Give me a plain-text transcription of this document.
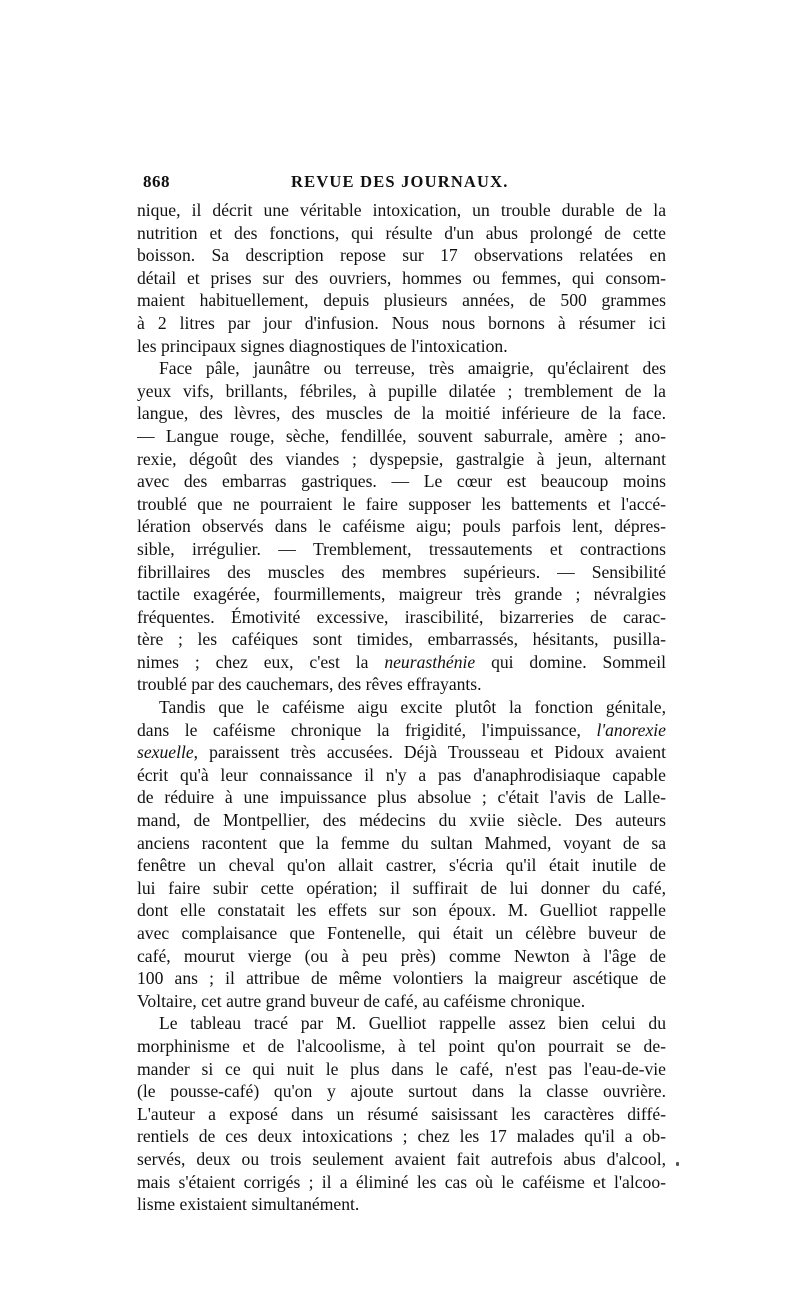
868	REVUE DES JOURNAUX.
nique, il décrit une véritable intoxication, un trouble durable de la
nutrition et des fonctions, qui résulte d'un abus prolongé de cette
boisson. Sa description repose sur 17 observations relatées en
détail et prises sur des ouvriers, hommes ou femmes, qui consom-
maient habituellement, depuis plusieurs années, de 500 grammes
à 2 litres par jour d'infusion. Nous nous bornons à résumer ici
les principaux signes diagnostiques de l'intoxication.
Face pâle, jaunâtre ou terreuse, très amaigrie, qu'éclairent des
yeux vifs, brillants, fébriles, à pupille dilatée ; tremblement de la
langue, des lèvres, des muscles de la moitié inférieure de la face.
— Langue rouge, sèche, fendillée, souvent saburrale, amère ; ano-
rexie, dégoût des viandes ; dyspepsie, gastralgie à jeun, alternant
avec des embarras gastriques. — Le cœur est beaucoup moins
troublé que ne pourraient le faire supposer les battements et l'accé-
lération observés dans le caféisme aigu; pouls parfois lent, dépres-
sible, irrégulier. — Tremblement, tressautements et contractions
fibrillaires des muscles des membres supérieurs. — Sensibilité
tactile exagérée, fourmillements, maigreur très grande ; névralgies
fréquentes. Émotivité excessive, irascibilité, bizarreries de carac-
tère ; les caféiques sont timides, embarrassés, hésitants, pusilla-
nimes ; chez eux, c'est la neurasthénie qui domine. Sommeil
troublé par des cauchemars, des rêves effrayants.
Tandis que le caféisme aigu excite plutôt la fonction génitale,
dans le caféisme chronique la frigidité, l'impuissance, l'anorexie
sexuelle, paraissent très accusées. Déjà Trousseau et Pidoux avaient
écrit qu'à leur connaissance il n'y a pas d'anaphrodisiaque capable
de réduire à une impuissance plus absolue ; c'était l'avis de Lalle-
mand, de Montpellier, des médecins du xviie siècle. Des auteurs
anciens racontent que la femme du sultan Mahmed, voyant de sa
fenêtre un cheval qu'on allait castrer, s'écria qu'il était inutile de
lui faire subir cette opération; il suffirait de lui donner du café,
dont elle constatait les effets sur son époux. M. Guelliot rappelle
avec complaisance que Fontenelle, qui était un célèbre buveur de
café, mourut vierge (ou à peu près) comme Newton à l'âge de
100 ans ; il attribue de même volontiers la maigreur ascétique de
Voltaire, cet autre grand buveur de café, au caféisme chronique.
Le tableau tracé par M. Guelliot rappelle assez bien celui du
morphinisme et de l'alcoolisme, à tel point qu'on pourrait se de-
mander si ce qui nuit le plus dans le café, n'est pas l'eau-de-vie
(le pousse-café) qu'on y ajoute surtout dans la classe ouvrière.
L'auteur a exposé dans un résumé saisissant les caractères diffé-
rentiels de ces deux intoxications ; chez les 17 malades qu'il a ob-
servés, deux ou trois seulement avaient fait autrefois abus d'alcool,
mais s'étaient corrigés ; il a éliminé les cas où le caféisme et l'alcoo-
lisme existaient simultanément.
